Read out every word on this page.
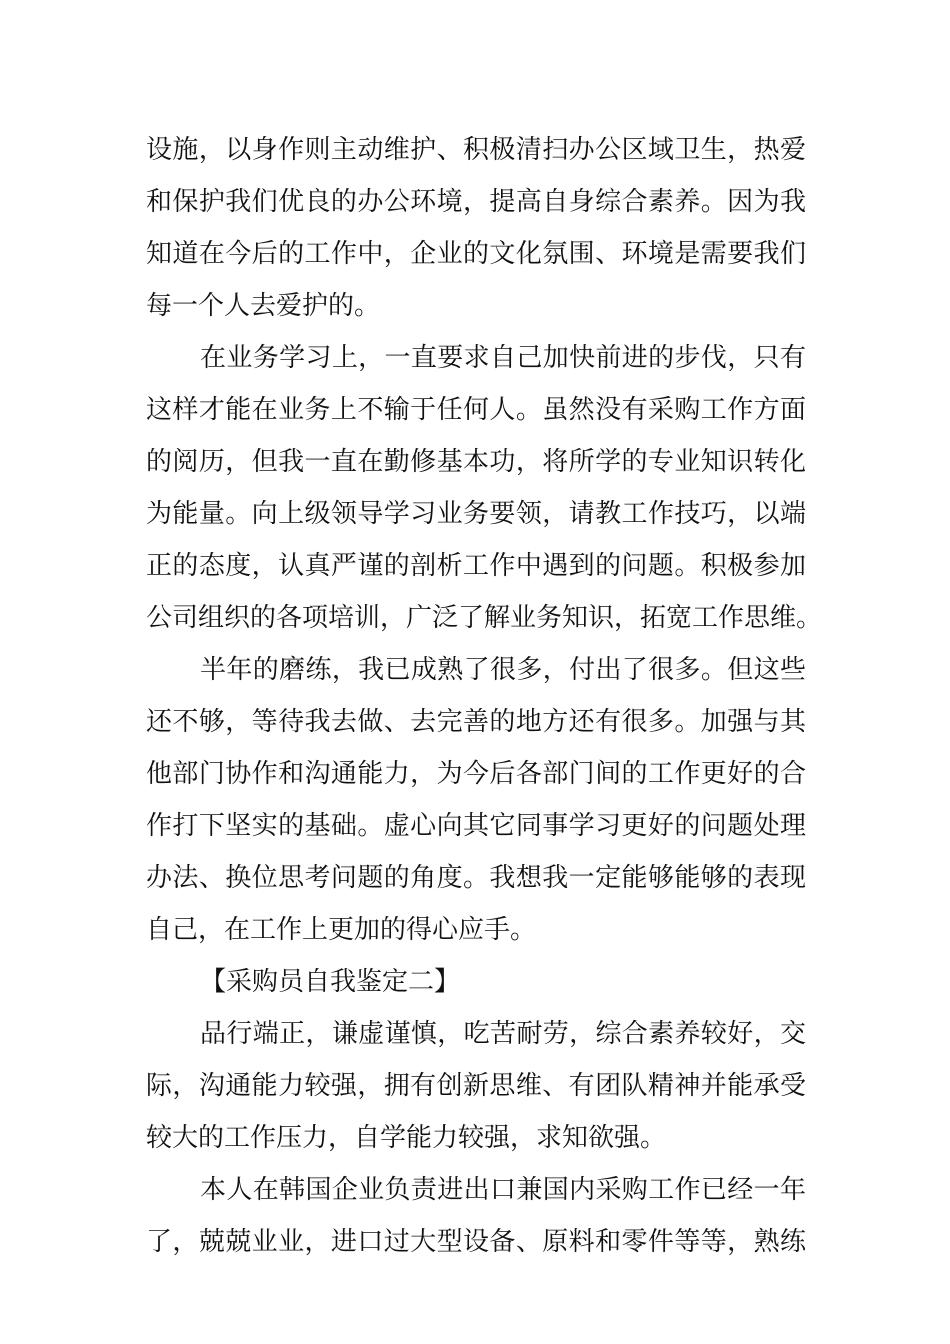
设施，以身作则主动维护、积极清扫办公区域卫生，热爱
和保护我们优良的办公环境，提高自身综合素养。因为我
知道在今后的工作中，企业的文化氛围、环境是需要我们
每一个人去爱护的。
在业务学习上，一直要求自己加快前进的步伐，只有
这样才能在业务上不输于任何人。虽然没有采购工作方面
的阅历，但我一直在勤修基本功，将所学的专业知识转化
为能量。向上级领导学习业务要领，请教工作技巧，以端
正的态度，认真严谨的剖析工作中遇到的问题。积极参加
公司组织的各项培训，广泛了解业务知识，拓宽工作思维。
半年的磨练，我已成熟了很多，付出了很多。但这些
还不够，等待我去做、去完善的地方还有很多。加强与其
他部门协作和沟通能力，为今后各部门间的工作更好的合
作打下坚实的基础。虚心向其它同事学习更好的问题处理
办法、换位思考问题的角度。我想我一定能够能够的表现
自己，在工作上更加的得心应手。
【采购员自我鉴定二】
品行端正，谦虚谨慎，吃苦耐劳，综合素养较好，交
际，沟通能力较强，拥有创新思维、有团队精神并能承受
较大的工作压力，自学能力较强，求知欲强。
本人在韩国企业负责进出口兼国内采购工作已经一年
了，兢兢业业，进口过大型设备、原料和零件等等，熟练
